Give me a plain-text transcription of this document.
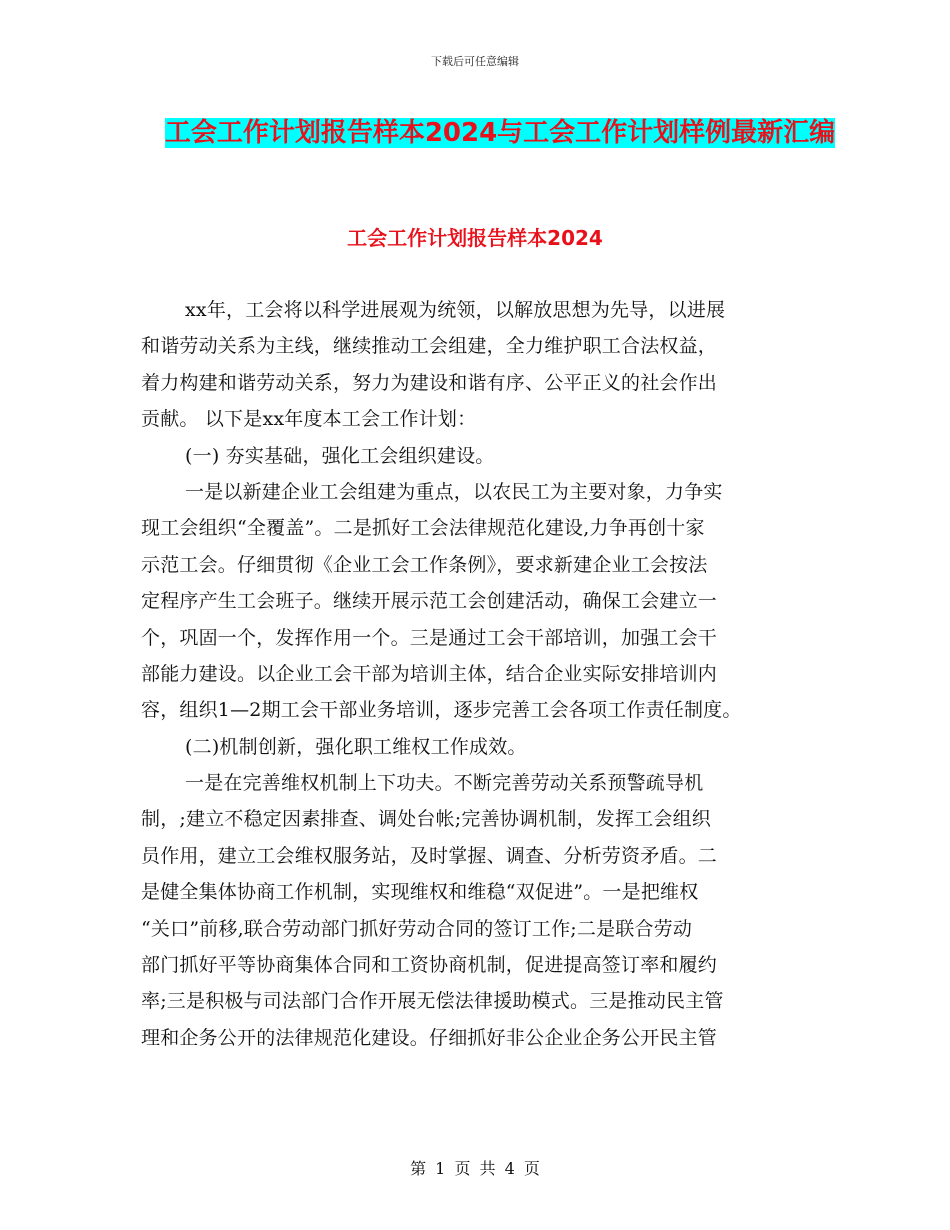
下载后可任意编辑
工会工作计划报告样本2024与工会工作计划样例最新汇编
工会工作计划报告样本2024
xx年，工会将以科学进展观为统领，以解放思想为先导，以进展
和谐劳动关系为主线，继续推动工会组建，全力维护职工合法权益，
着力构建和谐劳动关系，努力为建设和谐有序、公平正义的社会作出
贡献。 以下是xx年度本工会工作计划：
(一) 夯实基础，强化工会组织建设。
一是以新建企业工会组建为重点，以农民工为主要对象，力争实
现工会组织“全覆盖”。二是抓好工会法律规范化建设,力争再创十家
示范工会。仔细贯彻《企业工会工作条例》，要求新建企业工会按法
定程序产生工会班子。继续开展示范工会创建活动，确保工会建立一
个，巩固一个，发挥作用一个。三是通过工会干部培训，加强工会干
部能力建设。以企业工会干部为培训主体，结合企业实际安排培训内
容，组织1—2期工会干部业务培训，逐步完善工会各项工作责任制度。
(二)机制创新，强化职工维权工作成效。
一是在完善维权机制上下功夫。不断完善劳动关系预警疏导机
制，;建立不稳定因素排查、调处台帐;完善协调机制，发挥工会组织
员作用，建立工会维权服务站，及时掌握、调查、分析劳资矛盾。二
是健全集体协商工作机制，实现维权和维稳“双促进”。一是把维权
“关口”前移,联合劳动部门抓好劳动合同的签订工作;二是联合劳动
部门抓好平等协商集体合同和工资协商机制，促进提高签订率和履约
率;三是积极与司法部门合作开展无偿法律援助模式。三是推动民主管
理和企务公开的法律规范化建设。仔细抓好非公企业企务公开民主管
第 1 页 共 4 页
